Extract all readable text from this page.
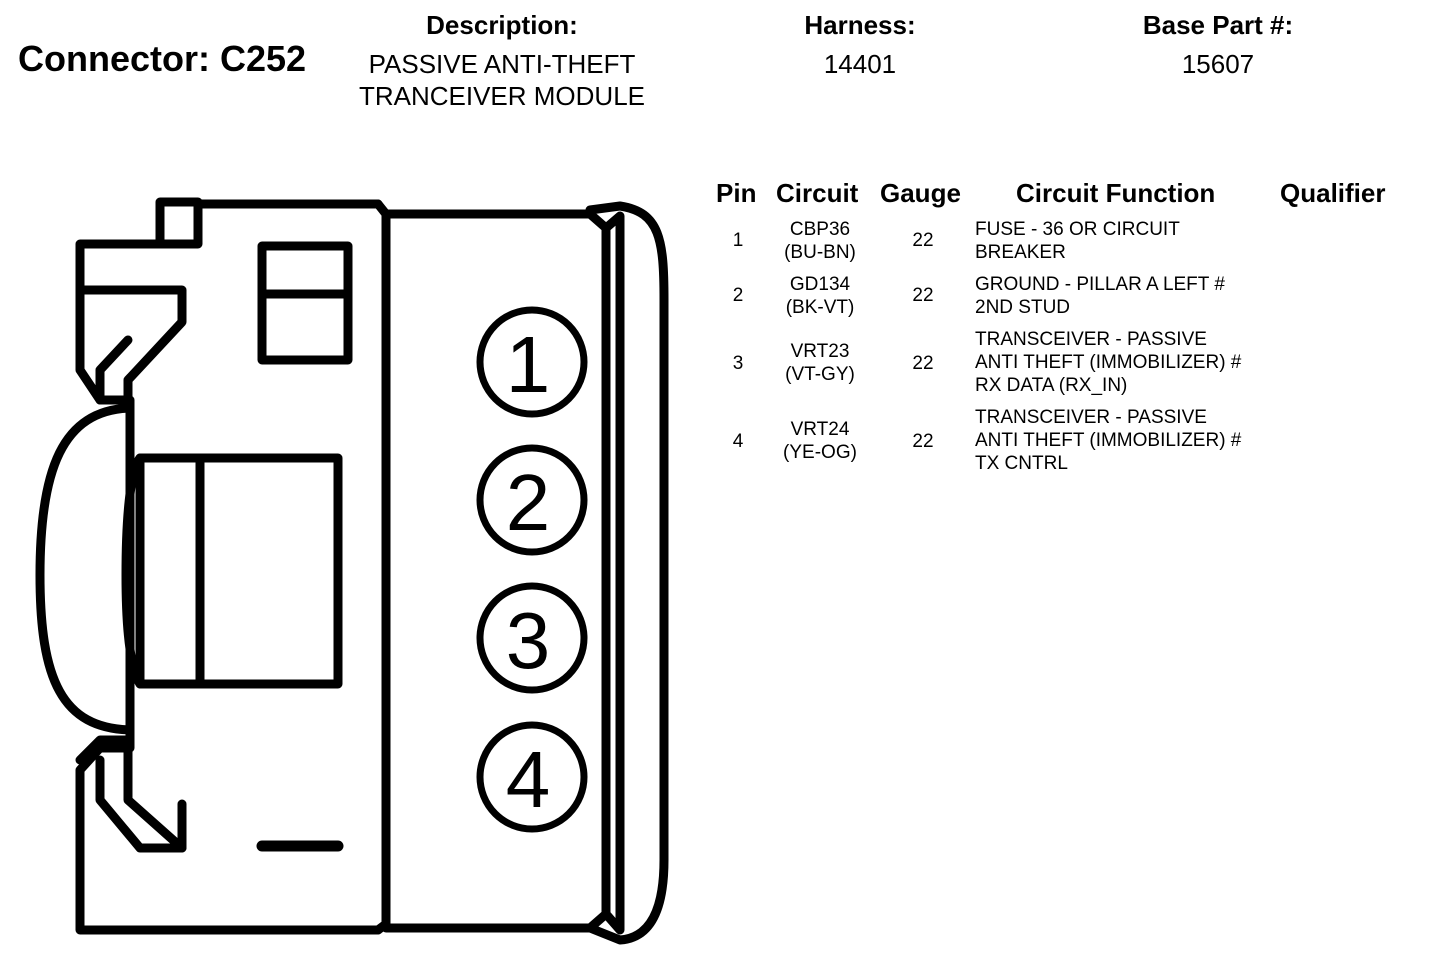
Connector: C252
Description:
PASSIVE ANTI-THEFT
TRANCEIVER MODULE
Harness:
14401
Base Part #:
15607
Pin Circuit Gauge Circuit Function Qualifier
1
CBP36
(BU-BN)
22
FUSE - 36 OR CIRCUIT
BREAKER
2
GD134
(BK-VT)
22
GROUND - PILLAR A LEFT #
2ND STUD
3
VRT23
(VT-GY)
22
TRANSCEIVER - PASSIVE
ANTI THEFT (IMMOBILIZER) #
RX DATA (RX_IN)
4
VRT24
(YE-OG)
22
TRANSCEIVER - PASSIVE
ANTI THEFT (IMMOBILIZER) #
TX CNTRL
1
2
3
4
